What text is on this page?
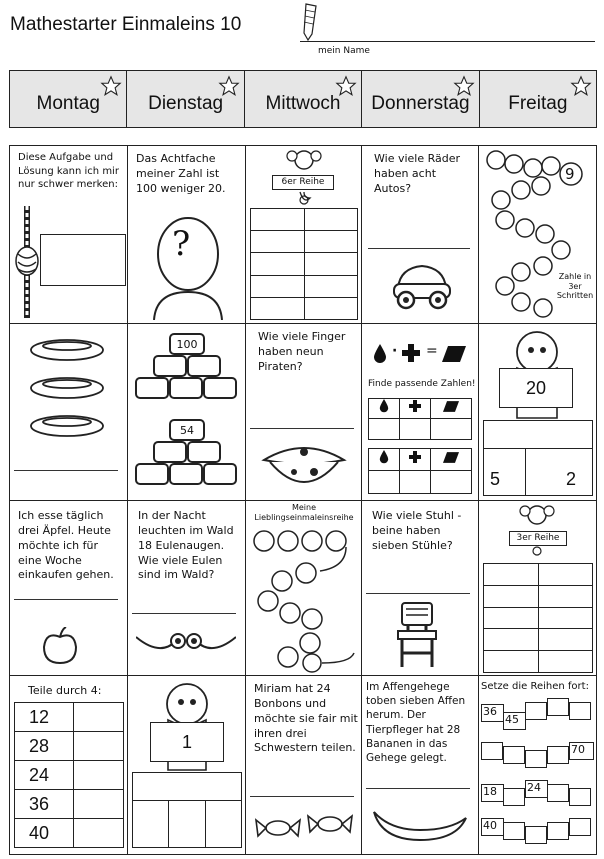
Mathestarter Einmaleins 10
mein Name
Montag	Dienstag Mittwoch Donnerstag Freitag
Diese Aufgabe und Lösung kann ich mir nur schwer merken:
Das Achtfache meiner Zahl ist 100 weniger 20.
?
6er Reihe

Wie viele Räder haben acht Autos?
9
Zahle in 3er Schritten
100
54
Wie viele Finger haben neun Piraten?
· =
Finde passende Zahlen!

			20

5	2
Ich esse täglich drei Äpfel. Heute möchte ich für eine Woche einkaufen gehen.
In der Nacht leuchten im Wald 18 Eulenaugen. Wie viele Eulen sind im Wald?
Meine Lieblingseinmaleinsreihe	Wie viele Stuhl - beine haben sieben Stühle?
3er Reihe

Teile durch 4:
12	
28	
24	
36	
40	
1

Miriam hat 24 Bonbons und möchte sie fair mit ihren drei Schwestern teilen.
Im Affengehege toben sieben Affen herum. Der Tierpfleger hat 28 Bananen in das Gehege gelegt.
Setze die Reihen fort:
36
45
70
18	24
40
